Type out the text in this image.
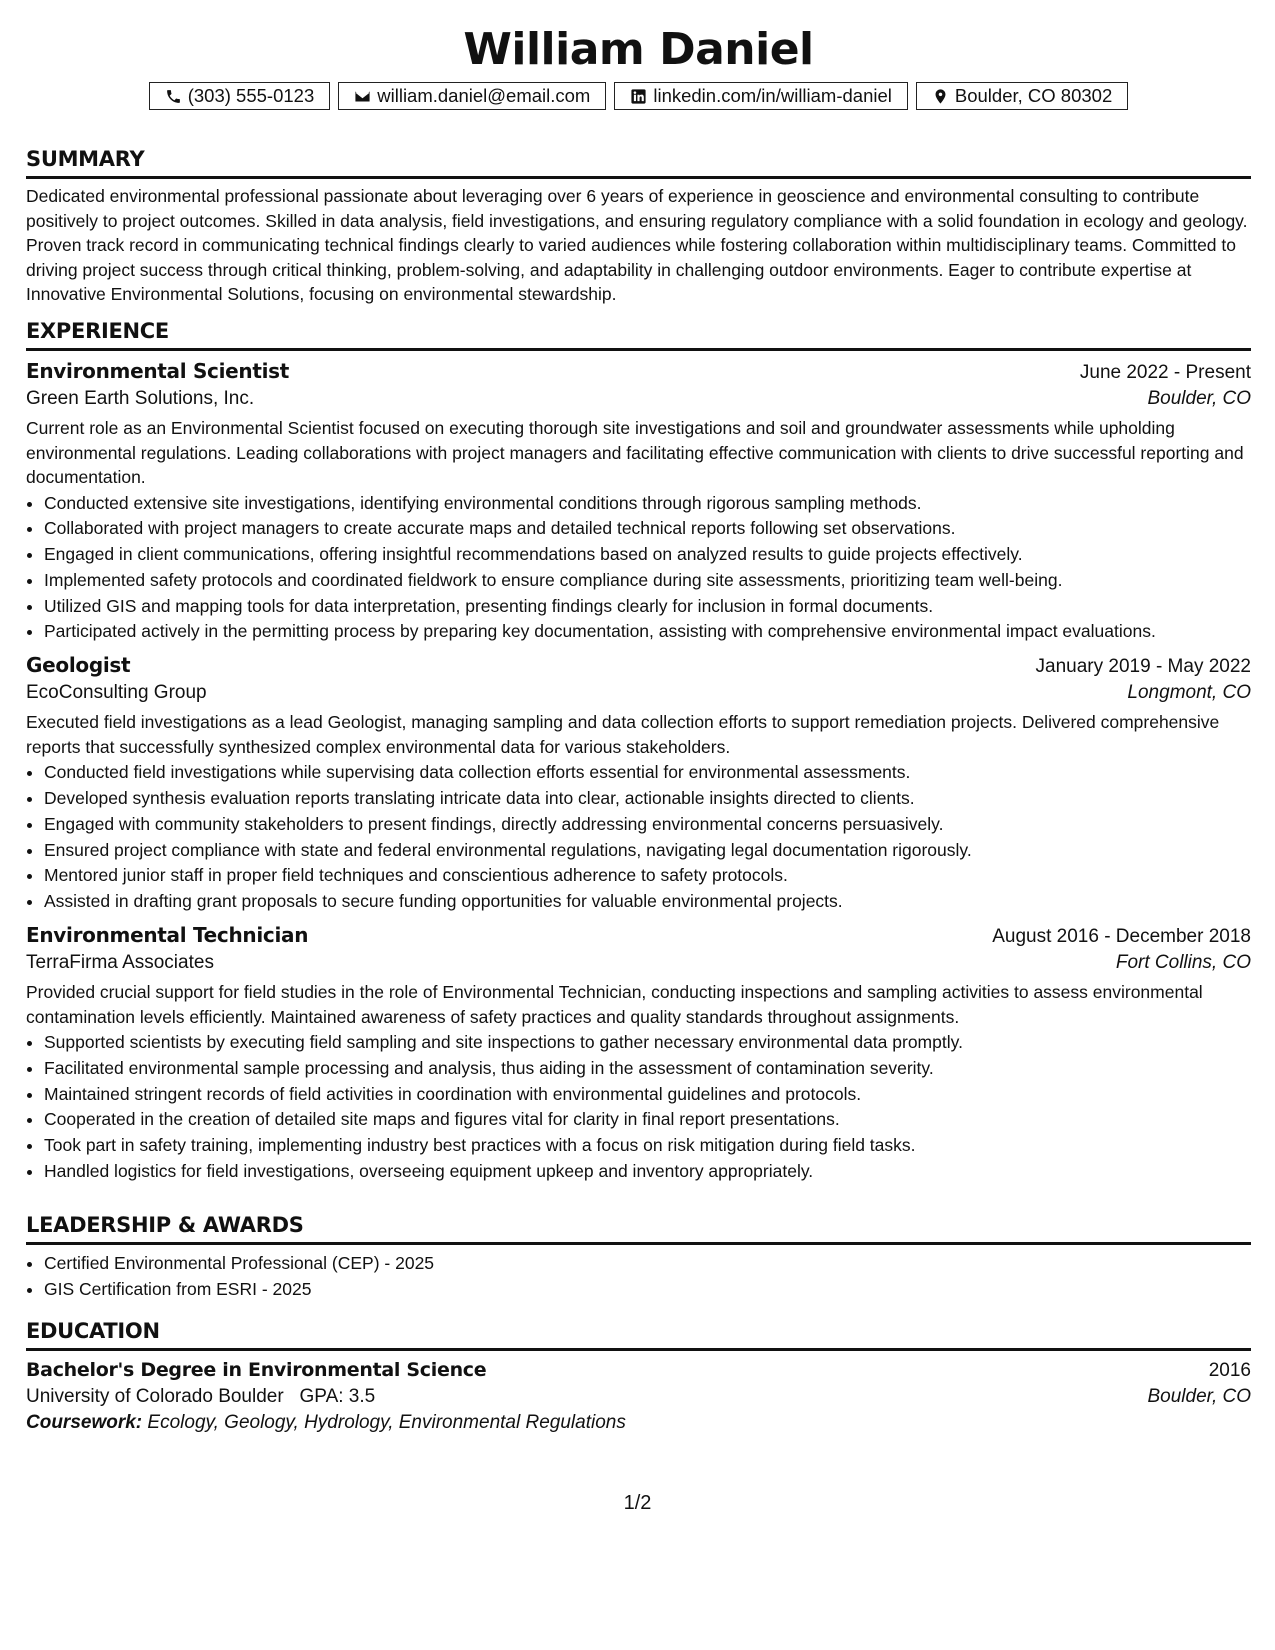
William Daniel
(303) 555-0123	william.daniel@email.com	linkedin.com/in/william-daniel	Boulder, CO 80302
SUMMARY

Dedicated environmental professional passionate about leveraging over 6 years of experience in geoscience and environmental consulting to contribute positively to project outcomes. Skilled in data analysis, field investigations, and ensuring regulatory compliance with a solid foundation in ecology and geology. Proven track record in communicating technical findings clearly to varied audiences while fostering collaboration within multidisciplinary teams. Committed to driving project success through critical thinking, problem-solving, and adaptability in challenging outdoor environments. Eager to contribute expertise at Innovative Environmental Solutions, focusing on environmental stewardship.

EXPERIENCE
Environmental Scientist	June 2022 - Present
Green Earth Solutions, Inc.	Boulder, CO

Current role as an Environmental Scientist focused on executing thorough site investigations and soil and groundwater assessments while upholding environmental regulations. Leading collaborations with project managers and facilitating effective communication with clients to drive successful reporting and documentation.

• Conducted extensive site investigations, identifying environmental conditions through rigorous sampling methods.
• Collaborated with project managers to create accurate maps and detailed technical reports following set observations.
• Engaged in client communications, offering insightful recommendations based on analyzed results to guide projects effectively.
• Implemented safety protocols and coordinated fieldwork to ensure compliance during site assessments, prioritizing team well-being.
• Utilized GIS and mapping tools for data interpretation, presenting findings clearly for inclusion in formal documents.
• Participated actively in the permitting process by preparing key documentation, assisting with comprehensive environmental impact evaluations.
Geologist	January 2019 - May 2022
EcoConsulting Group	Longmont, CO

Executed field investigations as a lead Geologist, managing sampling and data collection efforts to support remediation projects. Delivered comprehensive reports that successfully synthesized complex environmental data for various stakeholders.

• Conducted field investigations while supervising data collection efforts essential for environmental assessments.
• Developed synthesis evaluation reports translating intricate data into clear, actionable insights directed to clients.
• Engaged with community stakeholders to present findings, directly addressing environmental concerns persuasively.
• Ensured project compliance with state and federal environmental regulations, navigating legal documentation rigorously.
• Mentored junior staff in proper field techniques and conscientious adherence to safety protocols.
• Assisted in drafting grant proposals to secure funding opportunities for valuable environmental projects.
Environmental Technician	August 2016 - December 2018
TerraFirma Associates	Fort Collins, CO

Provided crucial support for field studies in the role of Environmental Technician, conducting inspections and sampling activities to assess environmental contamination levels efficiently. Maintained awareness of safety practices and quality standards throughout assignments.

• Supported scientists by executing field sampling and site inspections to gather necessary environmental data promptly.
• Facilitated environmental sample processing and analysis, thus aiding in the assessment of contamination severity.
• Maintained stringent records of field activities in coordination with environmental guidelines and protocols.
• Cooperated in the creation of detailed site maps and figures vital for clarity in final report presentations.
• Took part in safety training, implementing industry best practices with a focus on risk mitigation during field tasks.
• Handled logistics for field investigations, overseeing equipment upkeep and inventory appropriately.
LEADERSHIP & AWARDS
• Certified Environmental Professional (CEP) - 2025
• GIS Certification from ESRI - 2025
EDUCATION
Bachelor's Degree in Environmental Science	2016
University of Colorado Boulder GPA: 3.5	Boulder, CO
Coursework: Ecology, Geology, Hydrology, Environmental Regulations
1/2
